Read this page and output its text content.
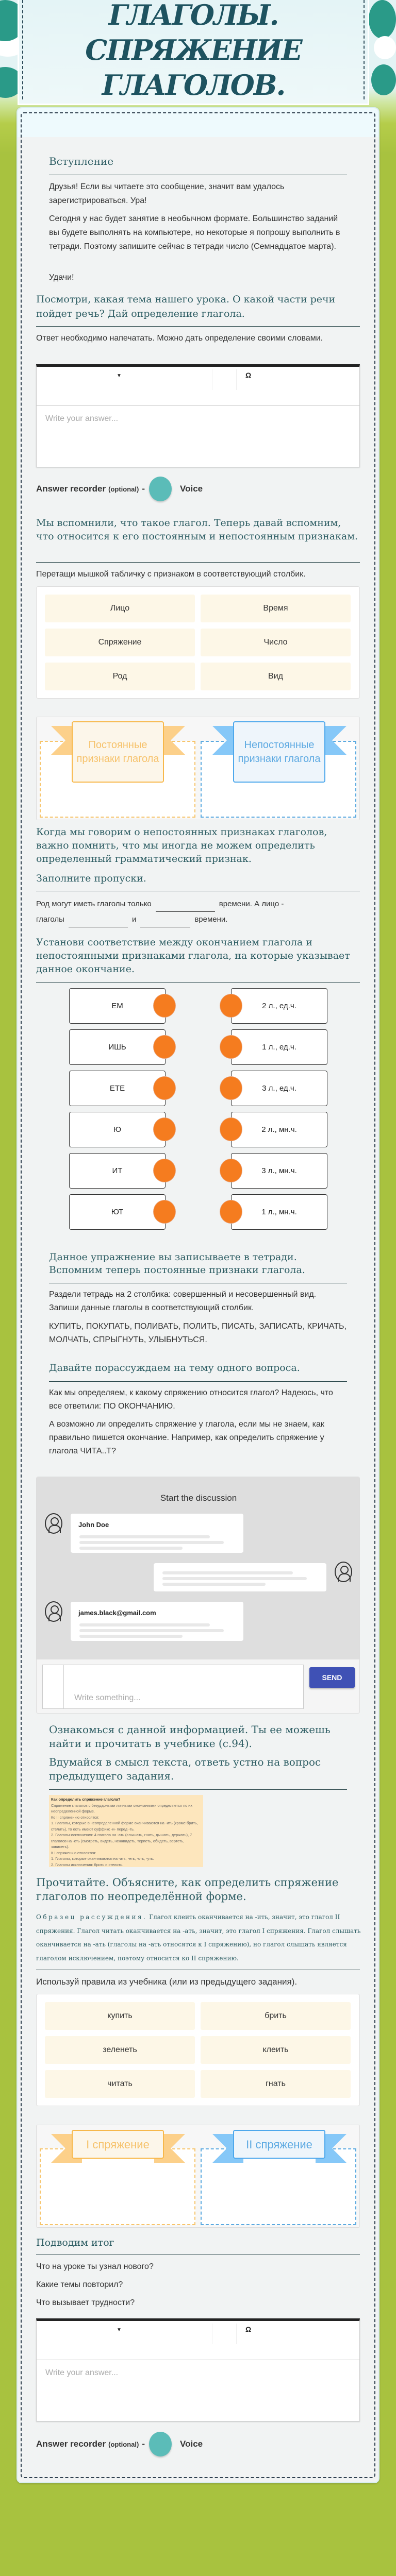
ГЛАГОЛЫ.
СПРЯЖЕНИЕ
ГЛАГОЛОВ.
Вступление
Друзья! Если вы читаете это сообщение, значит вам удалось зарегистрироваться. Ура!
Сегодня у нас будет занятие в необычном формате. Большинство заданий вы будете выполнять на компьютере, но некоторые я попрошу выполнить в тетради. Поэтому запишите сейчас в тетради число (Семнадцатое марта).
Удачи!
Посмотри, какая тема нашего урока. О какой части речи пойдет речь? Дай определение глагола.
Ответ необходимо напечатать. Можно дать определение своими словами.
▼	Ω
Write your answer...
Answer recorder (optional) -	Voice
Мы вспомнили, что такое глагол. Теперь давай вспомним, что относится к его постоянным и непостоянным признакам.
Перетащи мышкой табличку с признаком в соответствующий столбик.
Лицо	Время
Спряжение	Число
Род	Вид
Постоянные признаки глагола
Непостоянные признаки глагола
Когда мы говорим о непостоянных признаках глаголов, важно помнить, что мы иногда не можем определить определенный грамматический признак.
Заполните пропуски.
Род могут иметь глаголы только	времени. А лицо -
глаголы	и	времени.
Установи соответствие между окончанием глагола и непостоянными признаками глагола, на которые указывает данное окончание.
ЕМ	2 л., ед.ч.
ИШЬ	1 л., ед.ч.
ЕТЕ	3 л., ед.ч.
Ю	2 л., мн.ч.
ИТ	3 л., мн.ч.
ЮТ	1 л., мн.ч.
Данное упражнение вы записываете в тетради. Вспомним теперь постоянные признаки глагола.
Раздели тетрадь на 2 столбика: совершенный и несовершенный вид. Запиши данные глаголы в соответствующий столбик.
КУПИТЬ, ПОКУПАТЬ, ПОЛИВАТЬ, ПОЛИТЬ, ПИСАТЬ, ЗАПИСАТЬ, КРИЧАТЬ, МОЛЧАТЬ, СПРЫГНУТЬ, УЛЫБНУТЬСЯ.
Давайте порассуждаем на тему одного вопроса.
Как мы определяем, к какому спряжению относится глагол? Надеюсь, что все ответили: ПО ОКОНЧАНИЮ.
А возможно ли определить спряжение у глагола, если мы не знаем, как правильно пишется окончание. Например, как определить спряжение у глагола ЧИТА..Т?
Start the discussion
John Doe
james.black@gmail.com
Write something...
SEND
Ознакомься с данной информацией. Ты ее можешь найти и прочитать в учебнике (с.94).
Вдумайся в смысл текста, ответь устно на вопрос предыдущего задания.
Как определить спряжение глагола?
Спряжение глаголов с безударными личными окончаниями определяется по их неопределённой форме.
Ко II спряжению относятся:
1. Глаголы, которые в неопределённой форме оканчиваются на -ить (кроме брить, стелить), то есть имеют суффикс -и- перед -ть.
2. Глаголы-исключения: 4 глагола на -ать (слышать, гнать, дышать, держать), 7 глаголов на -еть (смотреть, видеть, ненавидеть, терпеть, обидеть, вертеть, зависеть).
К I спряжению относятся:
1. Глаголы, которые оканчиваются на -ать, -еть, -оть, -уть.
2. Глаголы исключения: брить и стелить.
Прочитайте. Объясните, как определить спряжение глаголов по неопределённой форме.
Образец рассуждения. Глагол клеить оканчивается на -ить, значит, это глагол II спряжения. Глагол читать оканчивается на -ать, значит, это глагол I спряжения. Глагол слышать оканчивается на -ать (глаголы на -ать относятся к I спряжению), но глагол слышать является глаголом исключением, поэтому относится ко II спряжению.
Используй правила из учебника (или из предыдущего задания).
купить	брить
зеленеть	клеить
читать	гнать
I спряжение	II спряжение
Подводим итог
Что на уроке ты узнал нового?
Какие темы повторил?
Что вызывает трудности?
▼	Ω
Write your answer...
Answer recorder (optional) -	Voice
